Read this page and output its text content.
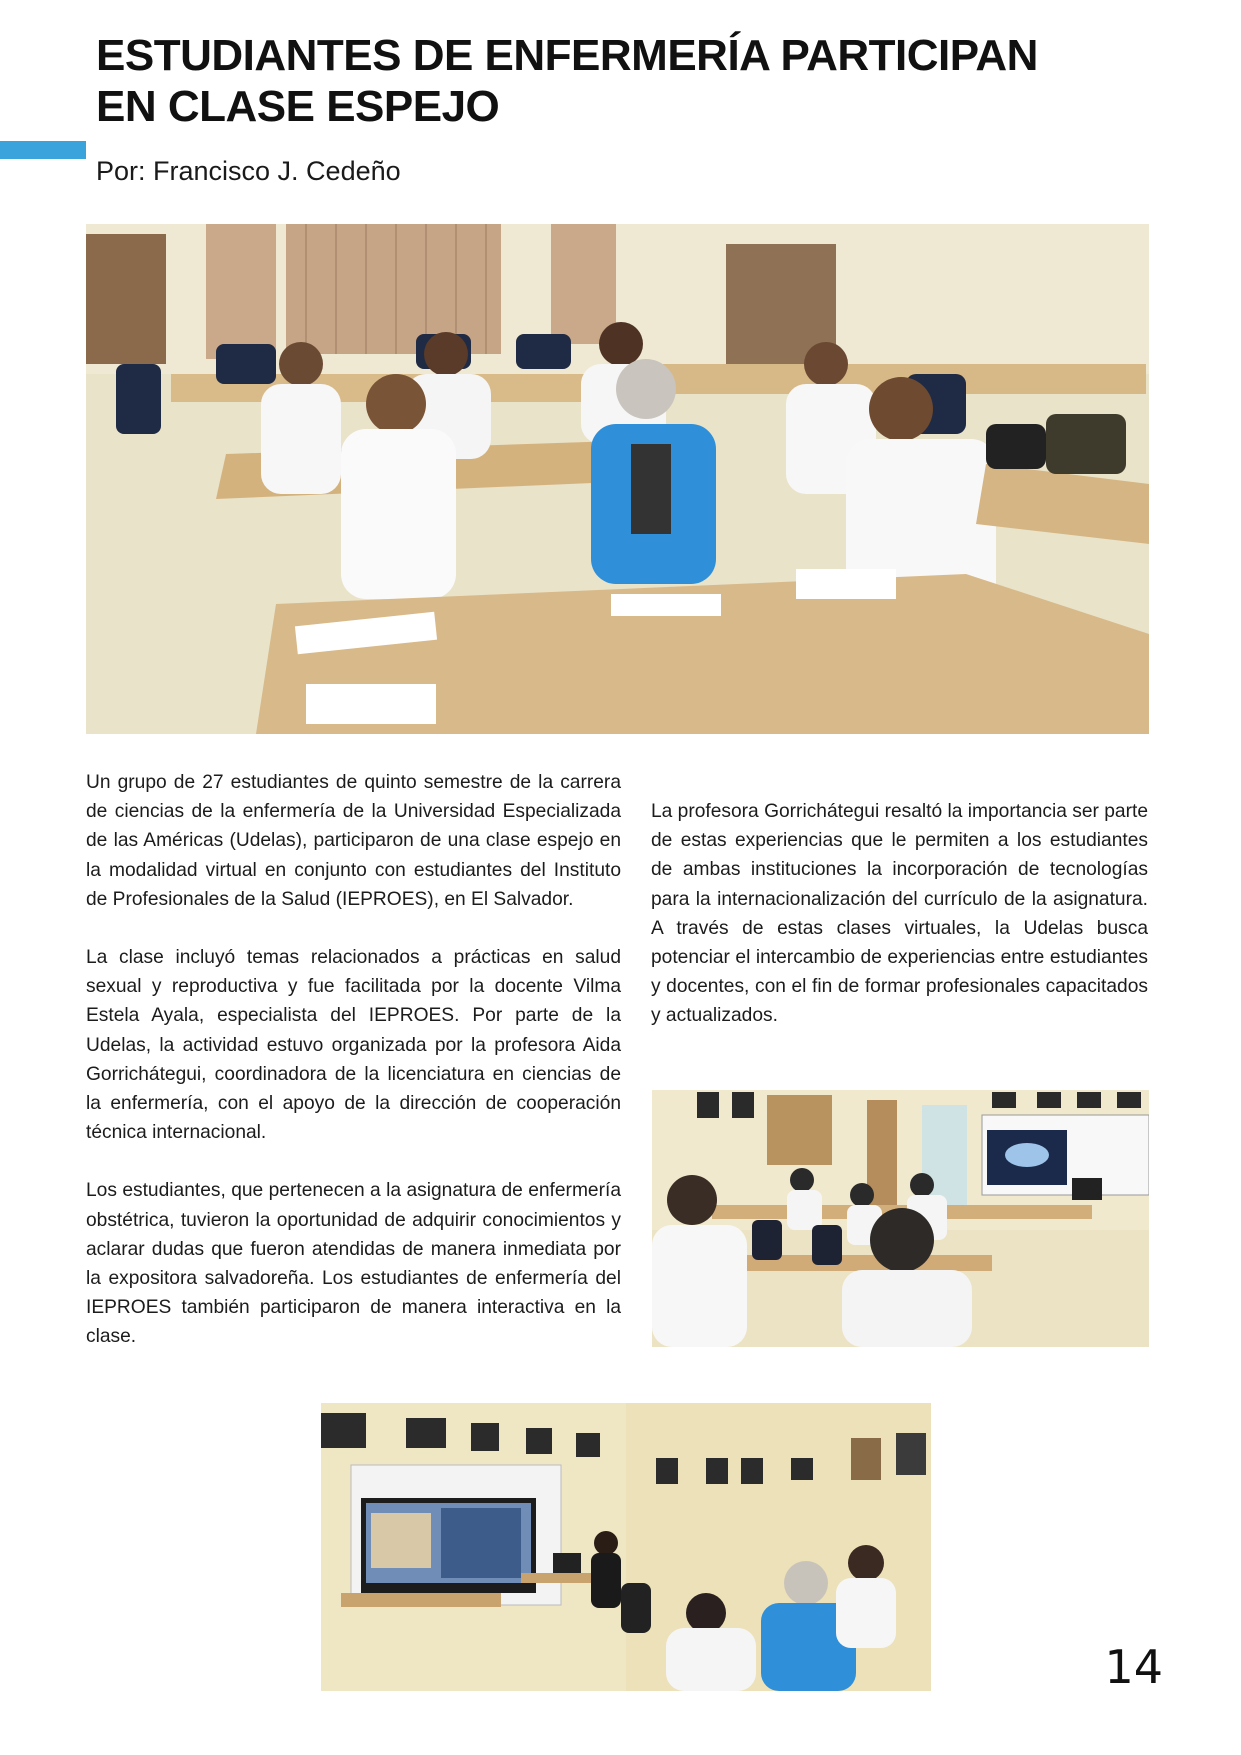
ESTUDIANTES DE ENFERMERÍA PARTICIPAN
EN CLASE ESPEJO
Por: Francisco J. Cedeño

Un grupo de 27 estudiantes de quinto semestre de la carrera de ciencias de la enfermería de la Universidad Especializada de las Américas (Udelas), participaron de una clase espejo en la modalidad virtual en conjunto con estudiantes del Instituto de Profesionales de la Salud (IEPROES), en El Salvador.

La clase incluyó temas relacionados a prácticas en salud sexual y reproductiva y fue facilitada por la docente Vilma Estela Ayala, especialista del IEPROES. Por parte de la Udelas, la actividad estuvo organizada por la profesora Aida Gorrichátegui, coordinadora de la licenciatura en ciencias de la enfermería, con el apoyo de la dirección de cooperación técnica internacional.

Los estudiantes, que pertenecen a la asignatura de enfermería obstétrica, tuvieron la oportunidad de adquirir conocimientos y aclarar dudas que fueron atendidas de manera inmediata por la expositora salvadoreña. Los estudiantes de enfermería del IEPROES también participaron de manera interactiva en la clase.

La profesora Gorrichátegui resaltó la importancia ser parte de estas experiencias que le permiten a los estudiantes de ambas instituciones la incorporación de tecnologías para la internacionalización del currículo de la asignatura. A través de estas clases virtuales, la Udelas busca potenciar el intercambio de experiencias entre estudiantes y docentes, con el fin de formar profesionales capacitados y actualizados.

14
